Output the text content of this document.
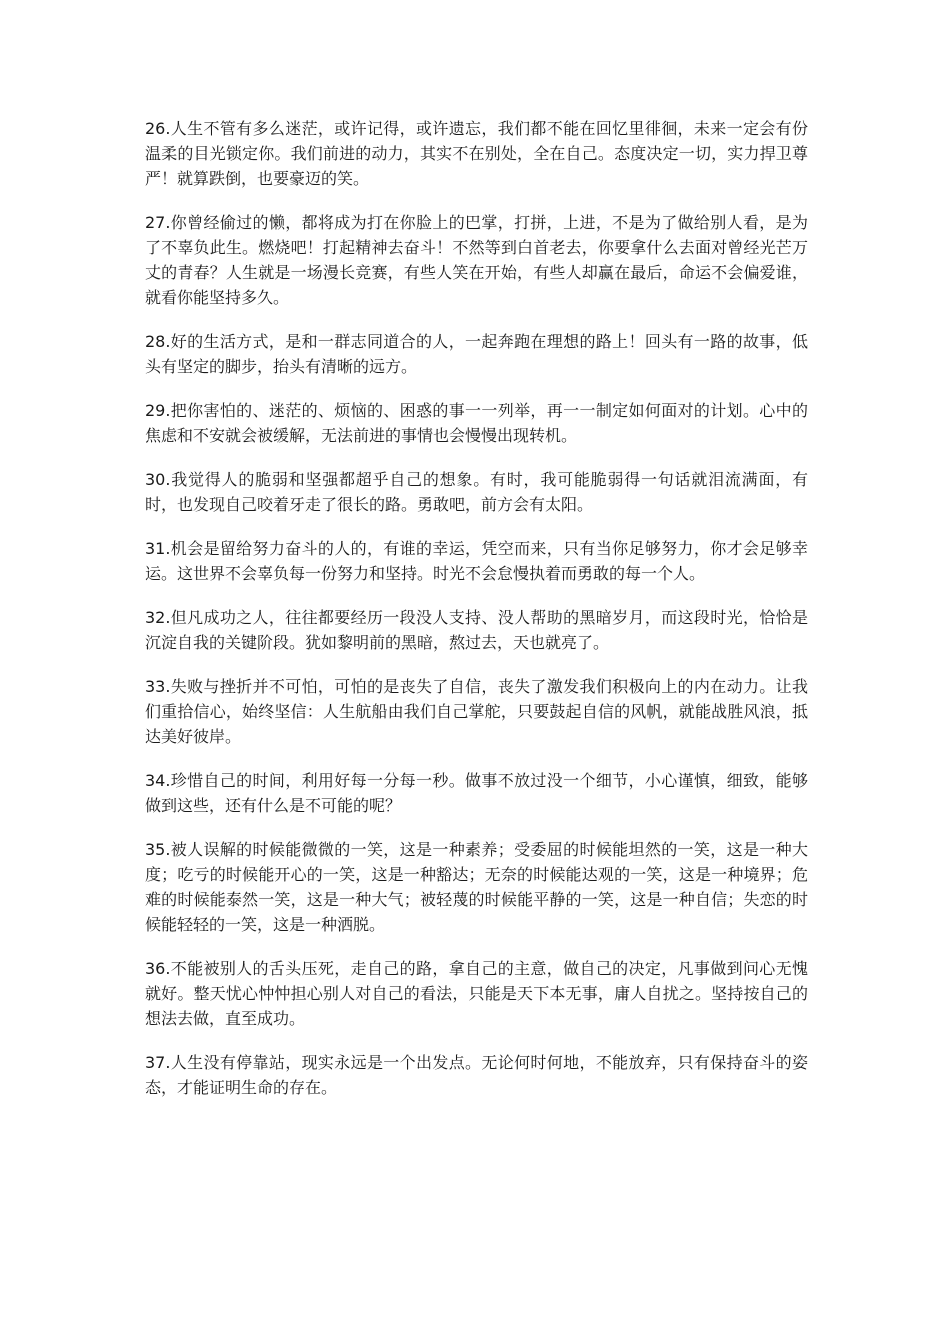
26.人生不管有多么迷茫，或许记得，或许遗忘，我们都不能在回忆里徘徊，未来一定会有份温柔的目光锁定你。我们前进的动力，其实不在别处，全在自己。态度决定一切，实力捍卫尊严！就算跌倒，也要豪迈的笑。

27.你曾经偷过的懒，都将成为打在你脸上的巴掌，打拼，上进，不是为了做给别人看，是为了不辜负此生。燃烧吧！打起精神去奋斗！不然等到白首老去，你要拿什么去面对曾经光芒万丈的青春？人生就是一场漫长竞赛，有些人笑在开始，有些人却赢在最后，命运不会偏爱谁，就看你能坚持多久。

28.好的生活方式，是和一群志同道合的人，一起奔跑在理想的路上！回头有一路的故事，低头有坚定的脚步，抬头有清晰的远方。

29.把你害怕的、迷茫的、烦恼的、困惑的事一一列举，再一一制定如何面对的计划。心中的焦虑和不安就会被缓解，无法前进的事情也会慢慢出现转机。

30.我觉得人的脆弱和坚强都超乎自己的想象。有时，我可能脆弱得一句话就泪流满面，有时，也发现自己咬着牙走了很长的路。勇敢吧，前方会有太阳。

31.机会是留给努力奋斗的人的，有谁的幸运，凭空而来，只有当你足够努力，你才会足够幸运。这世界不会辜负每一份努力和坚持。时光不会怠慢执着而勇敢的每一个人。

32.但凡成功之人，往往都要经历一段没人支持、没人帮助的黑暗岁月，而这段时光，恰恰是沉淀自我的关键阶段。犹如黎明前的黑暗，熬过去，天也就亮了。

33.失败与挫折并不可怕，可怕的是丧失了自信，丧失了激发我们积极向上的内在动力。让我们重拾信心，始终坚信：人生航船由我们自己掌舵，只要鼓起自信的风帆，就能战胜风浪，抵达美好彼岸。

34.珍惜自己的时间，利用好每一分每一秒。做事不放过没一个细节，小心谨慎，细致，能够做到这些，还有什么是不可能的呢？

35.被人误解的时候能微微的一笑，这是一种素养；受委屈的时候能坦然的一笑，这是一种大度；吃亏的时候能开心的一笑，这是一种豁达；无奈的时候能达观的一笑，这是一种境界；危难的时候能泰然一笑，这是一种大气；被轻蔑的时候能平静的一笑，这是一种自信；失恋的时候能轻轻的一笑，这是一种洒脱。

36.不能被别人的舌头压死，走自己的路，拿自己的主意，做自己的决定，凡事做到问心无愧就好。整天忧心忡忡担心别人对自己的看法，只能是天下本无事，庸人自扰之。坚持按自己的想法去做，直至成功。

37.人生没有停靠站，现实永远是一个出发点。无论何时何地，不能放弃，只有保持奋斗的姿态，才能证明生命的存在。
